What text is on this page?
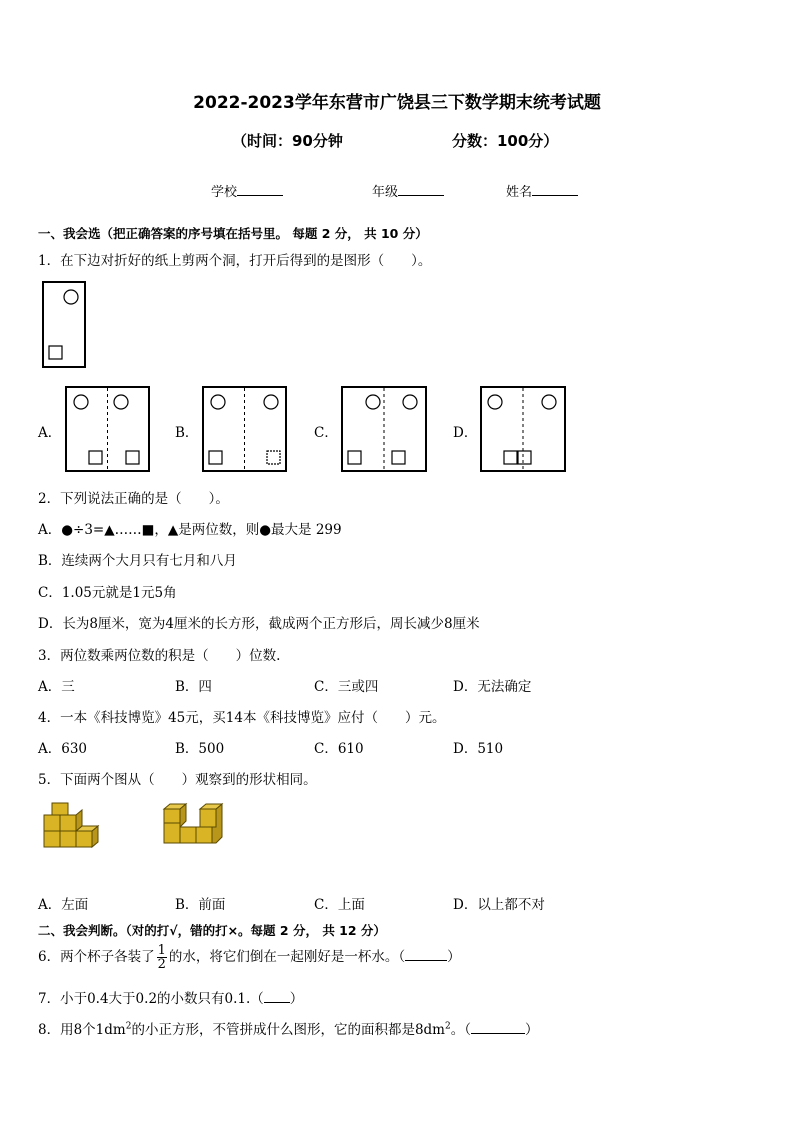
2022-2023学年东营市广饶县三下数学期末统考试题
（时间：90分钟	分数：100分）
学校	年级	姓名
一、我会选（把正确答案的序号填在括号里。 每题 2 分， 共 10 分）
1．在下边对折好的纸上剪两个洞，打开后得到的是图形（　　）。
A．	B．	C．	D．
2．下列说法正确的是（　　）。
A．●÷3=▲……■，▲是两位数，则●最大是 299
B．连续两个大月只有七月和八月
C．1.05元就是1元5角
D．长为8厘米，宽为4厘米的长方形，截成两个正方形后，周长减少8厘米
3．两位数乘两位数的积是（　　）位数.
A．三	B．四	C．三或四	D．无法确定
4．一本《科技博览》45元，买14本《科技博览》应付（　　）元。
A．630	B．500	C．610	D．510
5．下面两个图从（　　）观察到的形状相同。
A．左面	B．前面	C．上面	D．以上都不对
二、我会判断。（对的打√，错的打×。每题 2 分， 共 12 分）
6．两个杯子各装了 $\frac{1}{2}$ 的水，将它们倒在一起刚好是一杯水。（	）
7．小于0.4大于0.2的小数只有0.1.（ ）
8．用8个$1dm^2$的小正方形，不管拼成什么图形，它的面积都是$8dm^2$。（	）
